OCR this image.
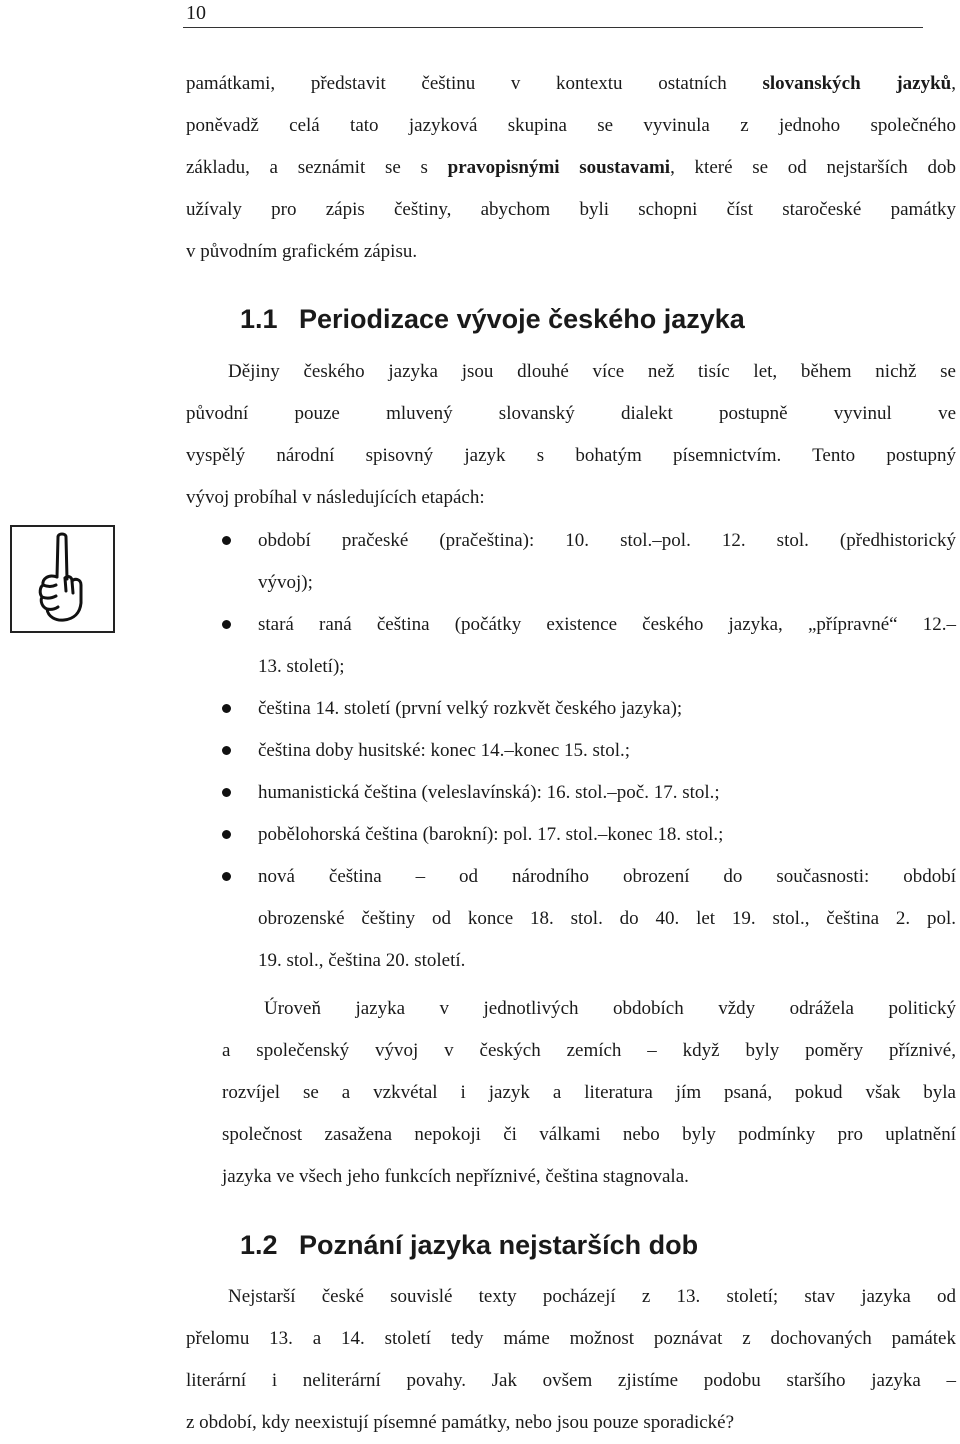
10
památkami, představit češtinu v kontextu ostatních slovanských jazyků,
poněvadž celá tato jazyková skupina se vyvinula z jednoho společného
základu, a seznámit se s pravopisnými soustavami, které se od nejstarších dob
užívaly pro zápis češtiny, abychom byli schopni číst staročeské památky
v původním grafickém zápisu.
1.1 Periodizace vývoje českého jazyka
Dějiny českého jazyka jsou dlouhé více než tisíc let, během nichž se
původní pouze mluvený slovanský dialekt postupně vyvinul ve
vyspělý národní spisovný jazyk s bohatým písemnictvím. Tento postupný
vývoj probíhal v následujících etapách:
období pračeské (pračeština): 10. stol.–pol. 12. stol. (předhistorický
vývoj);
stará raná čeština (počátky existence českého jazyka, „přípravné“ 12.–
13. století);
čeština 14. století (první velký rozkvět českého jazyka);
čeština doby husitské: konec 14.–konec 15. stol.;
humanistická čeština (veleslavínská): 16. stol.–poč. 17. stol.;
pobělohorská čeština (barokní): pol. 17. stol.–konec 18. stol.;
nová čeština – od národního obrození do současnosti: období
obrozenské češtiny od konce 18. stol. do 40. let 19. stol., čeština 2. pol.
19. stol., čeština 20. století.
Úroveň jazyka v jednotlivých obdobích vždy odrážela politický
a společenský vývoj v českých zemích – když byly poměry příznivé,
rozvíjel se a vzkvétal i jazyk a literatura jím psaná, pokud však byla
společnost zasažena nepokoji či válkami nebo byly podmínky pro uplatnění
jazyka ve všech jeho funkcích nepříznivé, čeština stagnovala.
1.2 Poznání jazyka nejstarších dob
Nejstarší české souvislé texty pocházejí z 13. století; stav jazyka od
přelomu 13. a 14. století tedy máme možnost poznávat z dochovaných památek
literární i neliterární povahy. Jak ovšem zjistíme podobu staršího jazyka –
z období, kdy neexistují písemné památky, nebo jsou pouze sporadické?
